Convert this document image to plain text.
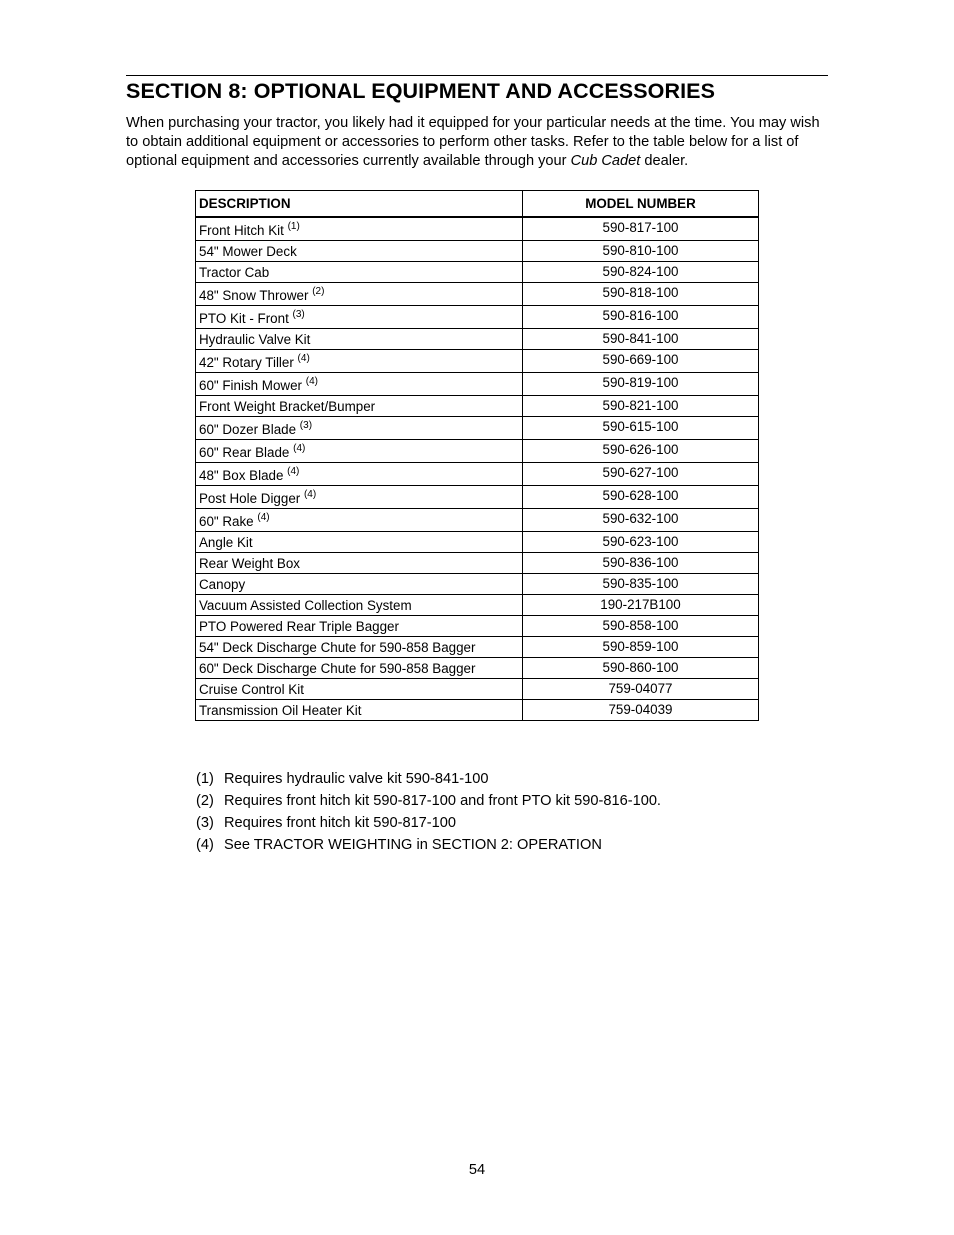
SECTION 8: OPTIONAL EQUIPMENT AND ACCESSORIES

When purchasing your tractor, you likely had it equipped for your particular needs at the time. You may wish to obtain additional equipment or accessories to perform other tasks. Refer to the table below for a list of optional equipment and accessories currently available through your Cub Cadet dealer.

DESCRIPTION	MODEL NUMBER
Front Hitch Kit $^{(1)}$	590-817-100
54" Mower Deck	590-810-100
Tractor Cab	590-824-100
48" Snow Thrower $^{(2)}$	590-818-100
PTO Kit - Front $^{(3)}$	590-816-100
Hydraulic Valve Kit	590-841-100
42" Rotary Tiller $^{(4)}$	590-669-100
60" Finish Mower $^{(4)}$	590-819-100
Front Weight Bracket/Bumper	590-821-100
60" Dozer Blade $^{(3)}$	590-615-100
60" Rear Blade $^{(4)}$	590-626-100
48" Box Blade $^{(4)}$	590-627-100
Post Hole Digger $^{(4)}$	590-628-100
60" Rake $^{(4)}$	590-632-100
Angle Kit	590-623-100
Rear Weight Box	590-836-100
Canopy	590-835-100
Vacuum Assisted Collection System	190-217B100
PTO Powered Rear Triple Bagger	590-858-100
54" Deck Discharge Chute for 590-858 Bagger	590-859-100
60" Deck Discharge Chute for 590-858 Bagger	590-860-100
Cruise Control Kit	759-04077
Transmission Oil Heater Kit	759-04039
(1) Requires hydraulic valve kit 590-841-100
(2) Requires front hitch kit 590-817-100 and front PTO kit 590-816-100.
(3) Requires front hitch kit 590-817-100
(4) See TRACTOR WEIGHTING in SECTION 2: OPERATION
54
